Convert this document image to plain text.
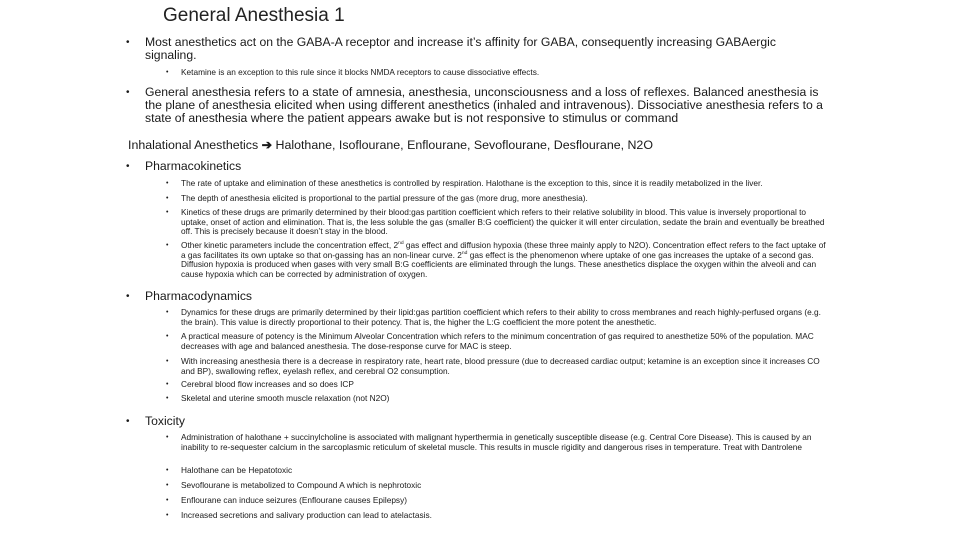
General Anesthesia 1
• Most anesthetics act on the GABA-A receptor and increase it’s affinity for GABA, consequently increasing GABAergic signaling.
• Ketamine is an exception to this rule since it blocks NMDA receptors to cause dissociative effects.
• General anesthesia refers to a state of amnesia, anesthesia, unconsciousness and a loss of reflexes. Balanced anesthesia is the plane of anesthesia elicited when using different anesthetics (inhaled and intravenous). Dissociative anesthesia refers to a state of anesthesia where the patient appears awake but is not responsive to stimulus or command
Inhalational Anesthetics ➔ Halothane, Isoflourane, Enflourane, Sevoflourane, Desflourane, N2O
• Pharmacokinetics
• The rate of uptake and elimination of these anesthetics is controlled by respiration. Halothane is the exception to this, since it is readily metabolized in the liver.
• The depth of anesthesia elicited is proportional to the partial pressure of the gas (more drug, more anesthesia).
• Kinetics of these drugs are primarily determined by their blood:gas partition coefficient which refers to their relative solubility in blood. This value is inversely proportional to uptake, onset of action and elimination. That is, the less soluble the gas (smaller B:G coefficient) the quicker it will enter circulation, sedate the brain and eventually be breathed off. This is precisely because it doesn’t stay in the blood.
• Other kinetic parameters include the concentration effect, 2nd gas effect and diffusion hypoxia (these three mainly apply to N2O). Concentration effect refers to the fact uptake of a gas facilitates its own uptake so that on-gassing has an non-linear curve. 2nd gas effect is the phenomenon where uptake of one gas increases the uptake of a second gas. Diffusion hypoxia is produced when gases with very small B:G coefficients are eliminated through the lungs. These anesthetics displace the oxygen within the alveoli and can cause hypoxia which can be corrected by administration of oxygen.
• Pharmacodynamics
• Dynamics for these drugs are primarily determined by their lipid:gas partition coefficient which refers to their ability to cross membranes and reach highly-perfused organs (e.g. the brain). This value is directly proportional to their potency. That is, the higher the L:G coefficient the more potent the anesthetic.
• A practical measure of potency is the Minimum Alveolar Concentration which refers to the minimum concentration of gas required to anesthetize 50% of the population. MAC decreases with age and balanced anesthesia. The dose-response curve for MAC is steep.
• With increasing anesthesia there is a decrease in respiratory rate, heart rate, blood pressure (due to decreased cardiac output; ketamine is an exception since it increases CO and BP), swallowing reflex, eyelash reflex, and cerebral O2 consumption.
• Cerebral blood flow increases and so does ICP
• Skeletal and uterine smooth muscle relaxation (not N2O)
• Toxicity
• Administration of halothane + succinylcholine is associated with malignant hyperthermia in genetically susceptible disease (e.g. Central Core Disease). This is caused by an inability to re-sequester calcium in the sarcoplasmic reticulum of skeletal muscle. This results in muscle rigidity and dangerous rises in temperature. Treat with Dantrolene
• Halothane can be Hepatotoxic
• Sevoflourane is metabolized to Compound A which is nephrotoxic
• Enflourane can induce seizures (Enflourane causes Epilepsy)
• Increased secretions and salivary production can lead to atelactasis.
